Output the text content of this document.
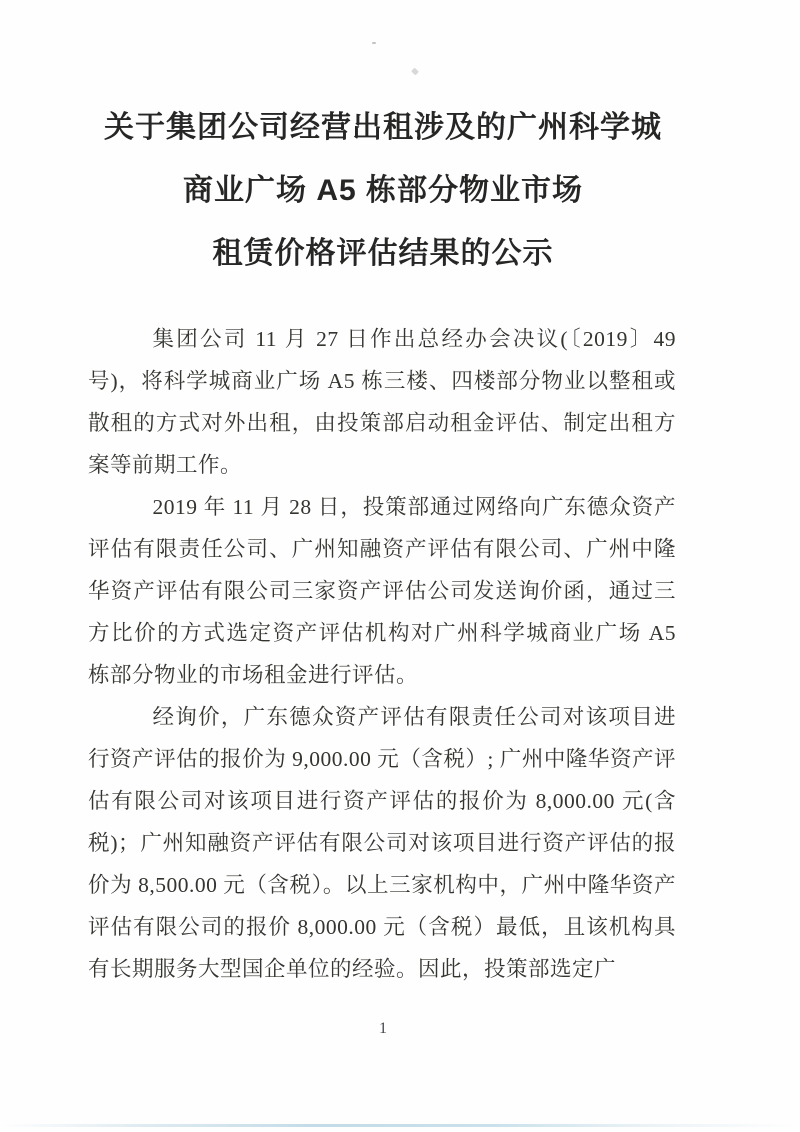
关于集团公司经营出租涉及的广州科学城
商业广场 A5 栋部分物业市场
租赁价格评估结果的公示

集团公司 11 月 27 日作出总经办会决议(〔2019〕49 号)，将科学城商业广场 A5 栋三楼、四楼部分物业以整租或散租的方式对外出租，由投策部启动租金评估、制定出租方案等前期工作。

2019 年 11 月 28 日，投策部通过网络向广东德众资产评估有限责任公司、广州知融资产评估有限公司、广州中隆华资产评估有限公司三家资产评估公司发送询价函，通过三方比价的方式选定资产评估机构对广州科学城商业广场 A5 栋部分物业的市场租金进行评估。

经询价，广东德众资产评估有限责任公司对该项目进行资产评估的报价为 9,000.00 元（含税）; 广州中隆华资产评估有限公司对该项目进行资产评估的报价为 8,000.00 元(含税)；广州知融资产评估有限公司对该项目进行资产评估的报价为 8,500.00 元（含税）。以上三家机构中，广州中隆华资产评估有限公司的报价 8,000.00 元（含税）最低，且该机构具有长期服务大型国企单位的经验。因此，投策部选定广

1
